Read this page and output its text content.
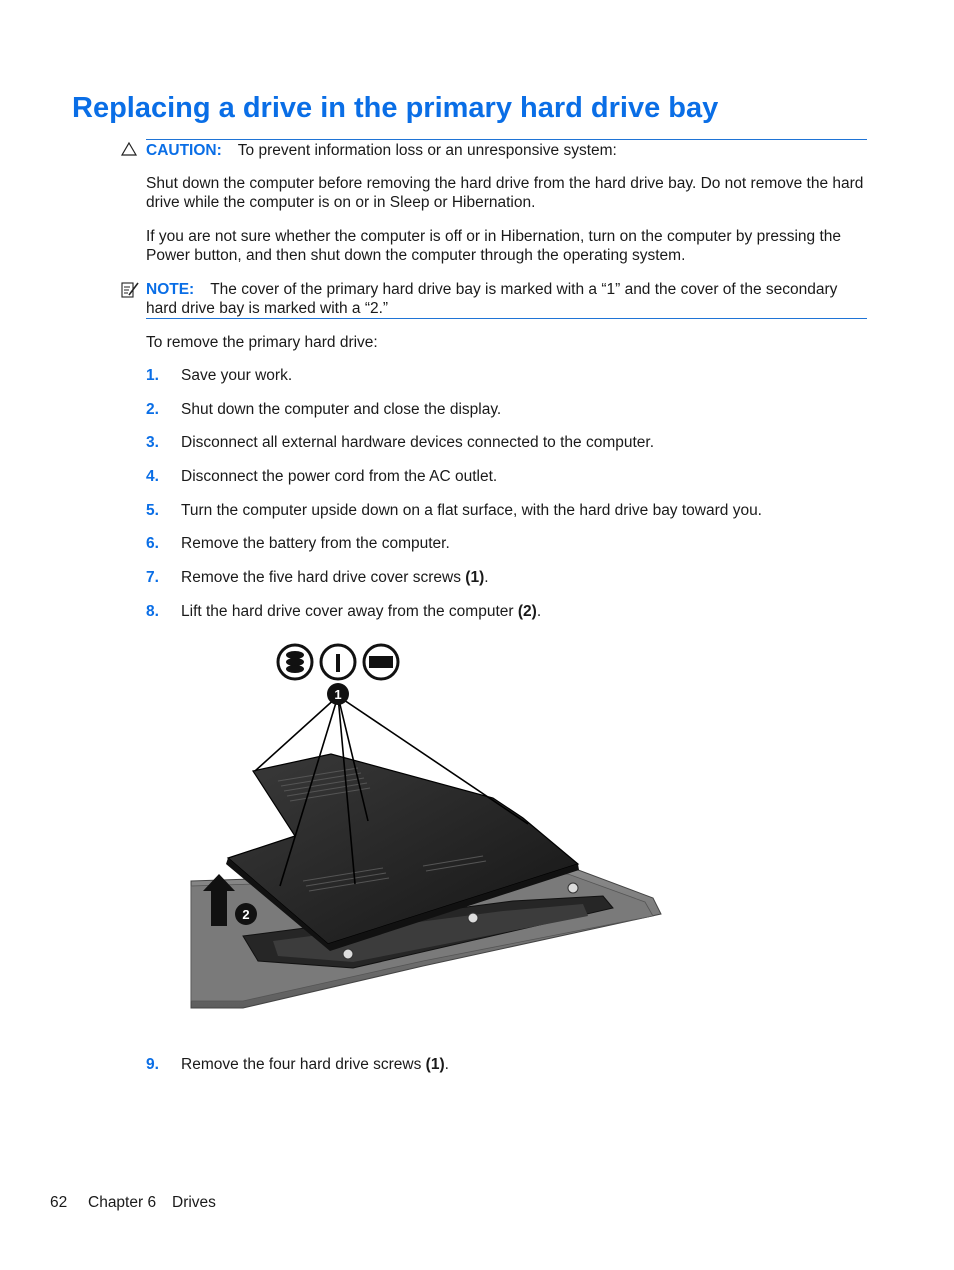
Replacing a drive in the primary hard drive bay
CAUTION: To prevent information loss or an unresponsive system:
Shut down the computer before removing the hard drive from the hard drive bay. Do not remove the hard drive while the computer is on or in Sleep or Hibernation.
If you are not sure whether the computer is off or in Hibernation, turn on the computer by pressing the Power button, and then shut down the computer through the operating system.
NOTE: The cover of the primary hard drive bay is marked with a “1” and the cover of the secondary hard drive bay is marked with a “2.”
To remove the primary hard drive:
1. Save your work.
2. Shut down the computer and close the display.
3. Disconnect all external hardware devices connected to the computer.
4. Disconnect the power cord from the AC outlet.
5. Turn the computer upside down on a flat surface, with the hard drive bay toward you.
6. Remove the battery from the computer.
7. Remove the five hard drive cover screws (1).
8. Lift the hard drive cover away from the computer (2).
1
2
9. Remove the four hard drive screws (1).
62 Chapter 6 Drives
